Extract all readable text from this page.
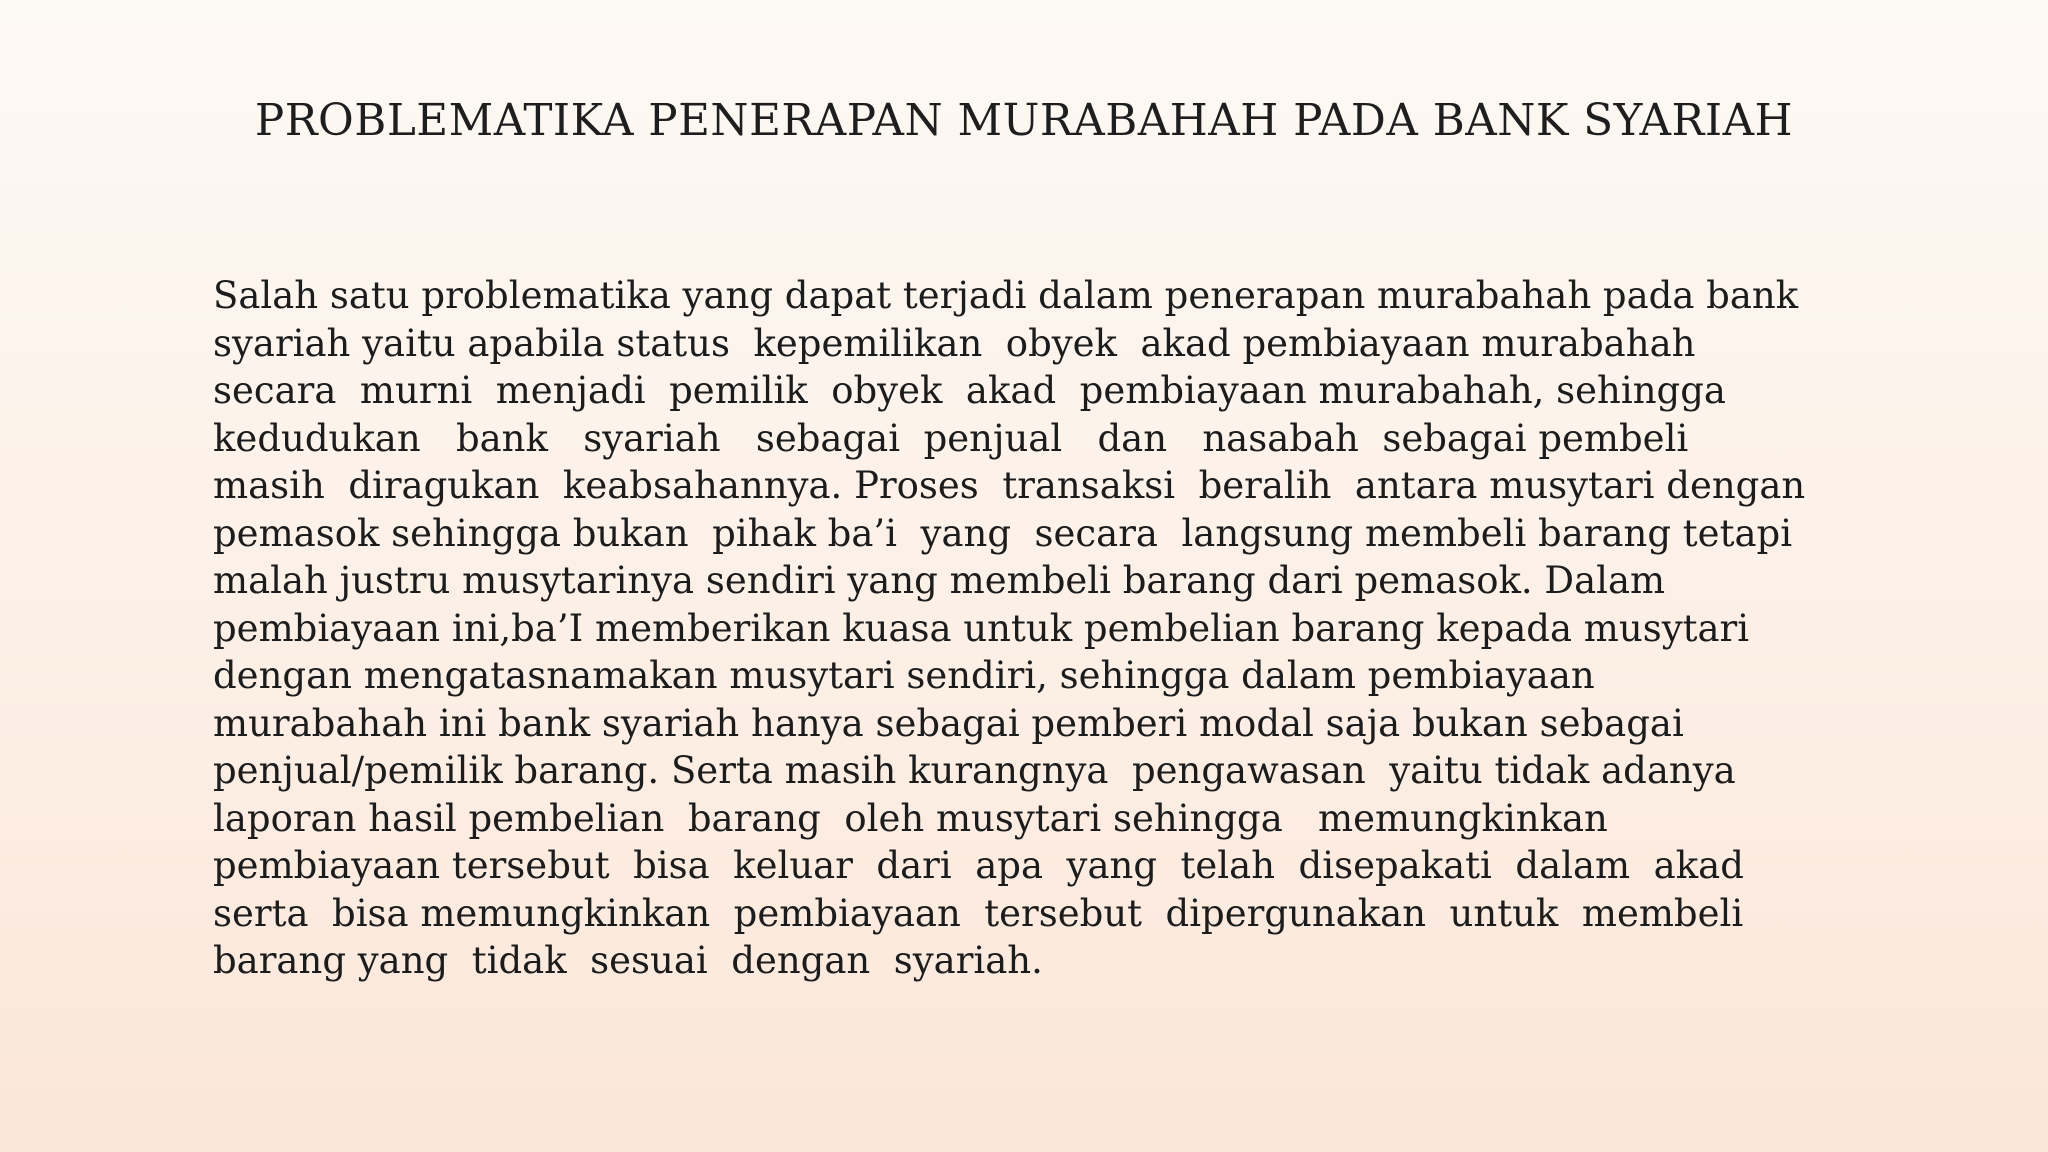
PROBLEMATIKA PENERAPAN MURABAHAH PADA BANK SYARIAH
Salah satu problematika yang dapat terjadi dalam penerapan murabahah pada bank
syariah yaitu apabila status  kepemilikan  obyek  akad pembiayaan murabahah
secara  murni  menjadi  pemilik  obyek  akad  pembiayaan murabahah, sehingga
kedudukan   bank   syariah   sebagai  penjual   dan   nasabah  sebagai pembeli
masih  diragukan  keabsahannya. Proses  transaksi  beralih  antara musytari dengan
pemasok sehingga bukan  pihak ba’i  yang  secara  langsung membeli barang tetapi
malah justru musytarinya sendiri yang membeli barang dari pemasok. Dalam
pembiayaan ini,ba’I memberikan kuasa untuk pembelian barang kepada musytari
dengan mengatasnamakan musytari sendiri, sehingga dalam pembiayaan
murabahah ini bank syariah hanya sebagai pemberi modal saja bukan sebagai
penjual/pemilik barang. Serta masih kurangnya  pengawasan  yaitu tidak adanya
laporan hasil pembelian  barang  oleh musytari sehingga   memungkinkan
pembiayaan tersebut  bisa  keluar  dari  apa  yang  telah  disepakati  dalam  akad
serta  bisa memungkinkan  pembiayaan  tersebut  dipergunakan  untuk  membeli
barang yang  tidak  sesuai  dengan  syariah.
